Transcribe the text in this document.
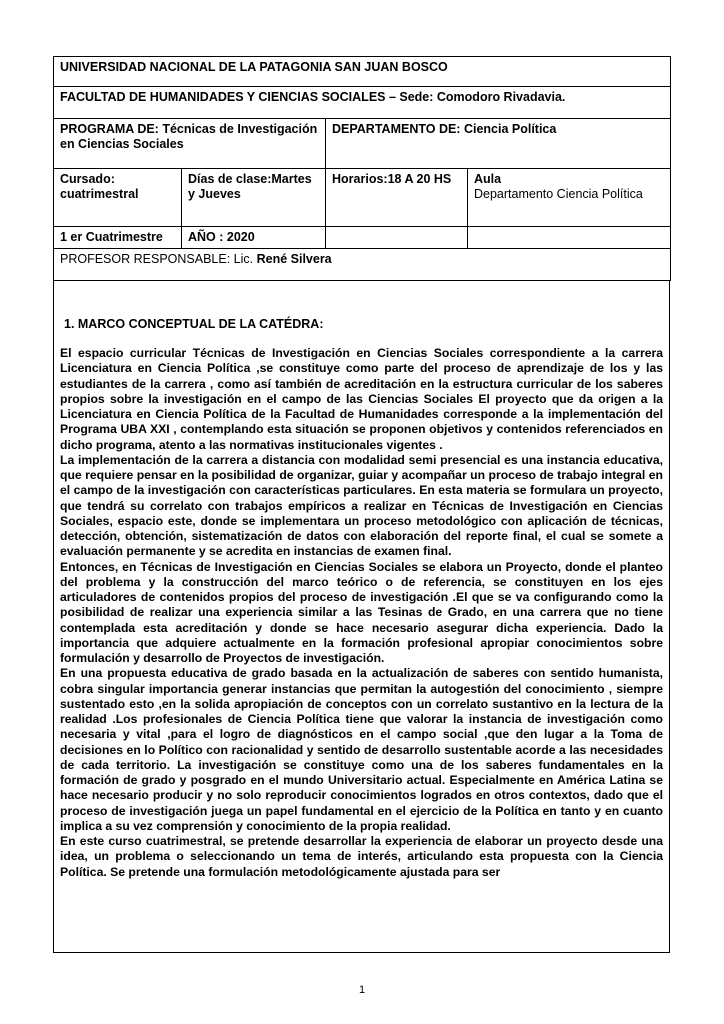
UNIVERSIDAD NACIONAL DE LA PATAGONIA SAN JUAN BOSCO			
FACULTAD DE HUMANIDADES Y CIENCIAS SOCIALES – Sede: Comodoro Rivadavia.			
PROGRAMA DE: Técnicas de Investigación en Ciencias Sociales		DEPARTAMENTO DE: Ciencia Política	
Cursado: cuatrimestral	Días de clase:Martes y Jueves	Horarios:18 A 20 HS	Aula
Departamento Ciencia Política

1 er Cuatrimestre	AÑO : 2020		
PROFESOR RESPONSABLE: Lic. René Silvera			
1. MARCO CONCEPTUAL DE LA CATÉDRA:

El espacio curricular Técnicas de Investigación en Ciencias Sociales correspondiente a la carrera Licenciatura en Ciencia Política ,se constituye como parte del proceso de aprendizaje de los y las estudiantes de la carrera , como así también de acreditación en la estructura curricular de los saberes propios sobre la investigación en el campo de las Ciencias Sociales El proyecto que da origen a la Licenciatura en Ciencia Política de la Facultad de Humanidades corresponde a la implementación del Programa UBA XXI , contemplando esta situación se proponen objetivos y contenidos referenciados en dicho programa, atento a las normativas institucionales vigentes .

La implementación de la carrera a distancia con modalidad semi presencial es una instancia educativa, que requiere pensar en la posibilidad de organizar, guiar y acompañar un proceso de trabajo integral en el campo de la investigación con características particulares. En esta materia se formulara un proyecto, que tendrá su correlato con trabajos empíricos a realizar en Técnicas de Investigación en Ciencias Sociales, espacio este, donde se implementara un proceso metodológico con aplicación de técnicas, detección, obtención, sistematización de datos con elaboración del reporte final, el cual se somete a evaluación permanente y se acredita en instancias de examen final.

Entonces, en Técnicas de Investigación en Ciencias Sociales se elabora un Proyecto, donde el planteo del problema y la construcción del marco teórico o de referencia, se constituyen en los ejes articuladores de contenidos propios del proceso de investigación .El que se va configurando como la posibilidad de realizar una experiencia similar a las Tesinas de Grado, en una carrera que no tiene contemplada esta acreditación y donde se hace necesario asegurar dicha experiencia. Dado la importancia que adquiere actualmente en la formación profesional apropiar conocimientos sobre formulación y desarrollo de Proyectos de investigación.

En una propuesta educativa de grado basada en la actualización de saberes con sentido humanista, cobra singular importancia generar instancias que permitan la autogestión del conocimiento , siempre sustentado esto ,en la solida apropiación de conceptos con un correlato sustantivo en la lectura de la realidad .Los profesionales de Ciencia Política tiene que valorar la instancia de investigación como necesaria y vital ,para el logro de diagnósticos en el campo social ,que den lugar a la Toma de decisiones en lo Político con racionalidad y sentido de desarrollo sustentable acorde a las necesidades de cada territorio. La investigación se constituye como una de los saberes fundamentales en la formación de grado y posgrado en el mundo Universitario actual. Especialmente en América Latina se hace necesario producir y no solo reproducir conocimientos logrados en otros contextos, dado que el proceso de investigación juega un papel fundamental en el ejercicio de la Política en tanto y en cuanto implica a su vez comprensión y conocimiento de la propia realidad.

En este curso cuatrimestral, se pretende desarrollar la experiencia de elaborar un proyecto desde una idea, un problema o seleccionando un tema de interés, articulando esta propuesta con la Ciencia Política. Se pretende una formulación metodológicamente ajustada para ser

1
